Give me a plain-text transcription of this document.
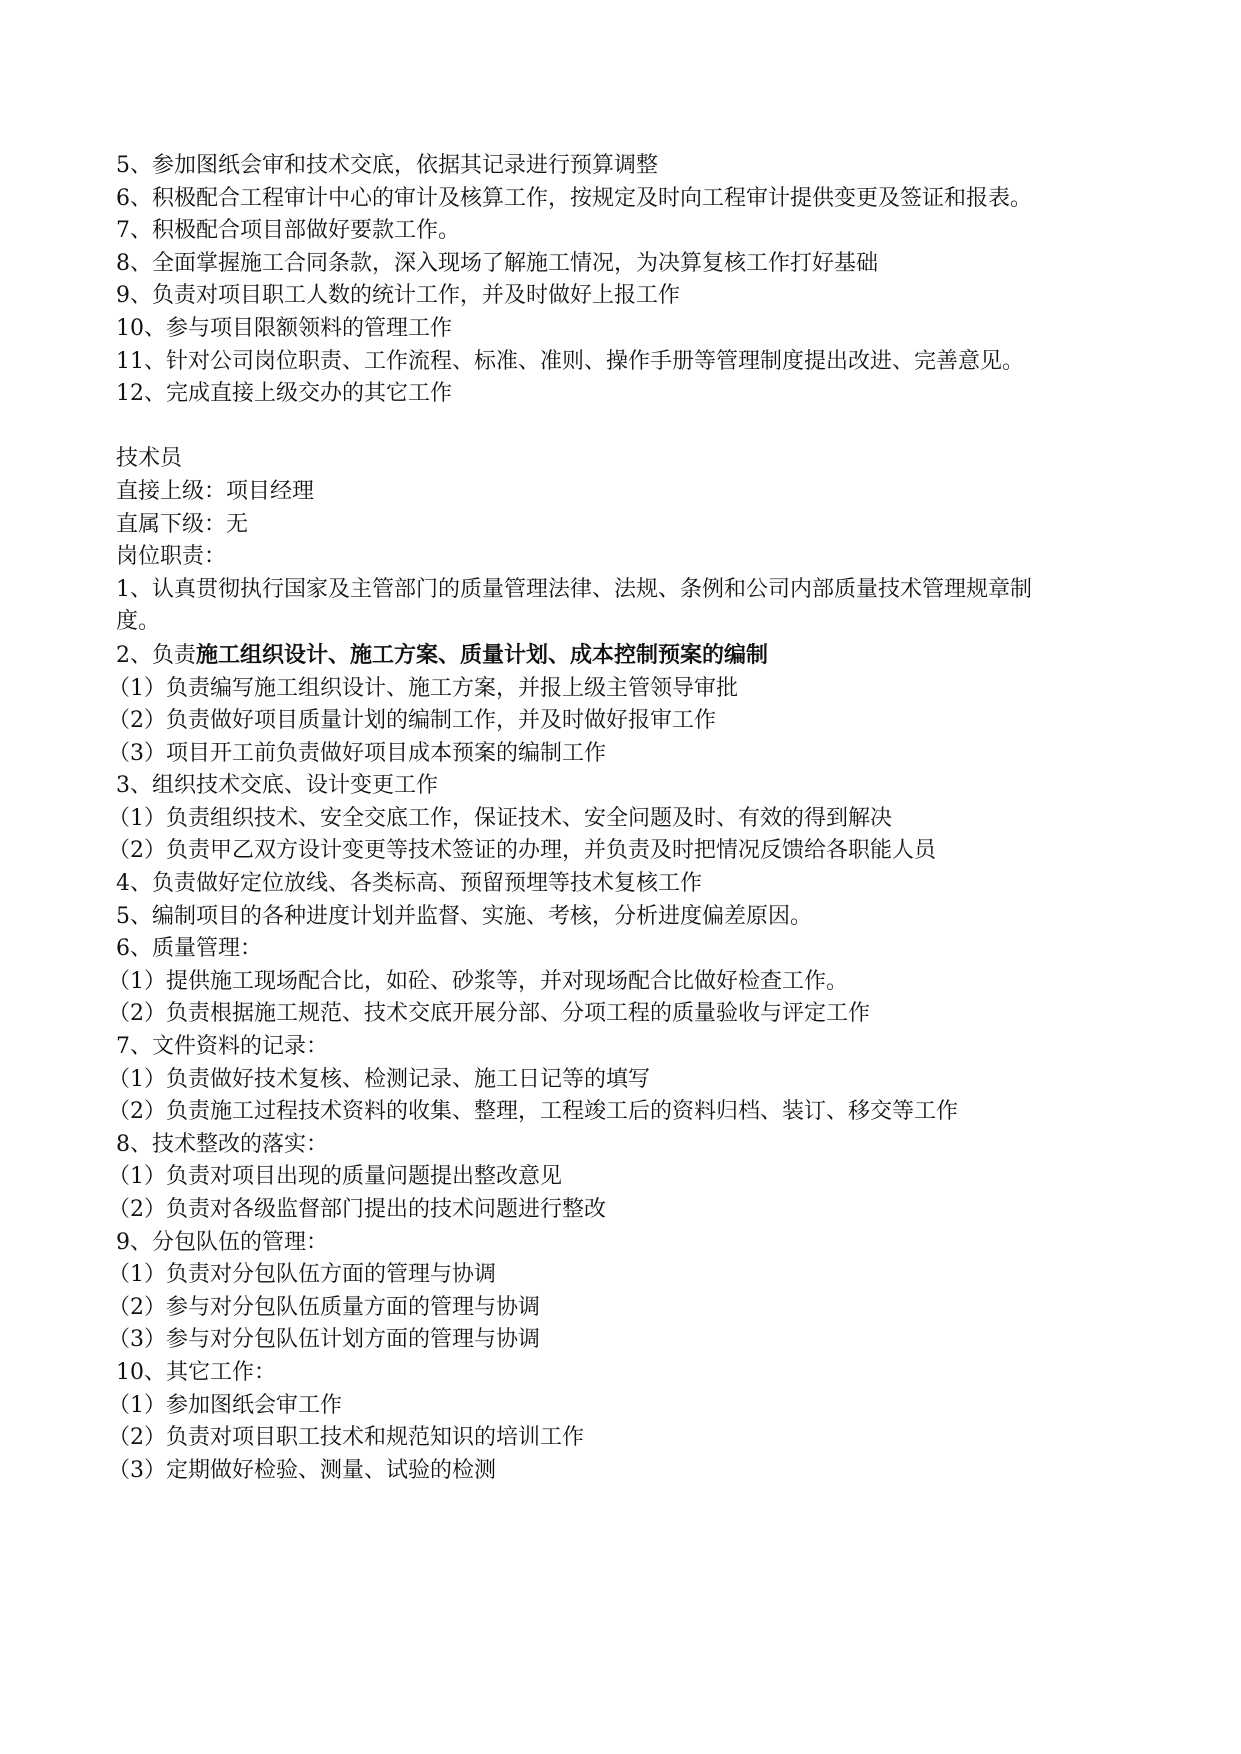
5、参加图纸会审和技术交底，依据其记录进行预算调整

6、积极配合工程审计中心的审计及核算工作，按规定及时向工程审计提供变更及签证和报表。

7、积极配合项目部做好要款工作。

8、全面掌握施工合同条款，深入现场了解施工情况，为决算复核工作打好基础

9、负责对项目职工人数的统计工作，并及时做好上报工作

10、参与项目限额领料的管理工作

11、针对公司岗位职责、工作流程、标准、准则、操作手册等管理制度提出改进、完善意见。

12、完成直接上级交办的其它工作

技术员

直接上级：项目经理

直属下级：无

岗位职责：

1、认真贯彻执行国家及主管部门的质量管理法律、法规、条例和公司内部质量技术管理规章制度。

2、负责施工组织设计、施工方案、质量计划、成本控制预案的编制

（1）负责编写施工组织设计、施工方案，并报上级主管领导审批

（2）负责做好项目质量计划的编制工作，并及时做好报审工作

（3）项目开工前负责做好项目成本预案的编制工作

3、组织技术交底、设计变更工作

（1）负责组织技术、安全交底工作，保证技术、安全问题及时、有效的得到解决

（2）负责甲乙双方设计变更等技术签证的办理，并负责及时把情况反馈给各职能人员

4、负责做好定位放线、各类标高、预留预埋等技术复核工作

5、编制项目的各种进度计划并监督、实施、考核，分析进度偏差原因。

6、质量管理：

（1）提供施工现场配合比，如砼、砂浆等，并对现场配合比做好检查工作。

（2）负责根据施工规范、技术交底开展分部、分项工程的质量验收与评定工作

7、文件资料的记录：

（1）负责做好技术复核、检测记录、施工日记等的填写

（2）负责施工过程技术资料的收集、整理，工程竣工后的资料归档、装订、移交等工作

8、技术整改的落实：

（1）负责对项目出现的质量问题提出整改意见

（2）负责对各级监督部门提出的技术问题进行整改

9、分包队伍的管理：

（1）负责对分包队伍方面的管理与协调

（2）参与对分包队伍质量方面的管理与协调

（3）参与对分包队伍计划方面的管理与协调

10、其它工作：

（1）参加图纸会审工作

（2）负责对项目职工技术和规范知识的培训工作

（3）定期做好检验、测量、试验的检测
